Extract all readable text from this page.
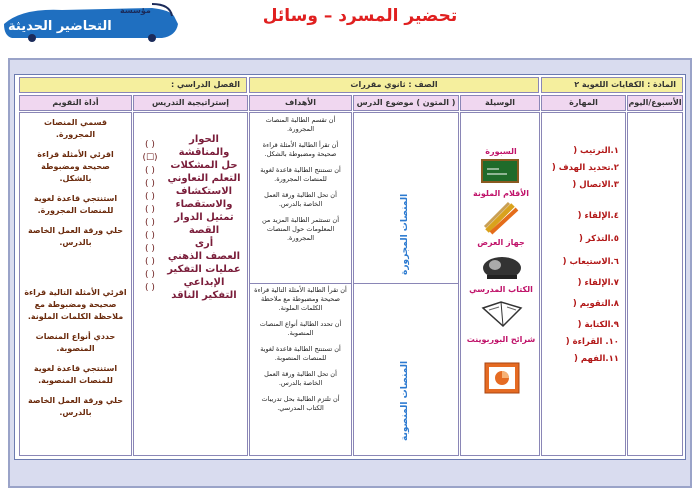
مؤسسة
التحاضير الحديثة
تحضير المسرد – وسائل
المادة : الكفايات اللغوية ٢
الصف : ثانوي مقررات
الفصل الدراسي :
الأسبوع/اليوم
المهارة
الوسيلة
( المتون ) موضوع الدرس
الأهداف
إستراتيجية التدريس
أداة التقويم
١.الترتيب (
٢.تحديد الهدف (
٣.الاتصال (
٤.الإلقاء (
٥.التذكر (
٦.الاستيعاب (
٧.الإلقاء (
٨.التقويم (
٩.الكتابة (
١٠. القراءة (
١١.الفهم (
السبورة
الأقلام الملونة
جهاز العرض
الكتاب المدرسي
شرائح البوربوينت
المنصات المجرورة
المنصات المنصوبة
أن تقسم الطالبة المنصات المجرورة.
أن تقرأ الطالبة الأمثلة قراءة صحيحة ومضبوطة بالشكل.
أن تستنتج الطالبة قاعدة لغوية للمنصات المجرورة.
أن تحل الطالبة ورقة العمل الخاصة بالدرس.
أن تستثمر الطالبة المزيد من المعلومات حول المنصات المجرورة.
أن تقرأ الطالبة الأمثلة التالية قراءة صحيحة ومضبوطة مع ملاحظة الكلمات الملونة.
أن تحدد الطالبة أنواع المنصات المنصوبة.
أن تستنتج الطالبة قاعدة لغوية للمنصات المنصوبة.
أن تحل الطالبة ورقة العمل الخاصة بالدرس.
أن تلتزم الطالبة بحل تدريبات الكتاب المدرسي.
( )
(☐)
( )
( )
( )
( )
( )
( )
( )
( )
( )
( )
الحوار
والمناقشة
حل المشكلات
التعلم التعاوني
الاستكشاف
والاستقصاء
تمثيل الدوار
القصة
أرى
العصف الذهني
عمليات التفكير
الإبداعي
التفكير الناقد
قسمي المنصات المجرورة.
اقرئي الأمثلة قراءة صحيحة ومضبوطة بالشكل.
استنتجي قاعدة لغوية للمنصات المجرورة.
حلي ورقة العمل الخاصة بالدرس.
اقرئي الأمثلة التالية قراءة صحيحة ومضبوطة مع ملاحظة الكلمات الملونة.
حددي أنواع المنصات المنصوبة.
استنتجي قاعدة لغوية للمنصات المنصوبة.
حلي ورقة العمل الخاصة بالدرس.
